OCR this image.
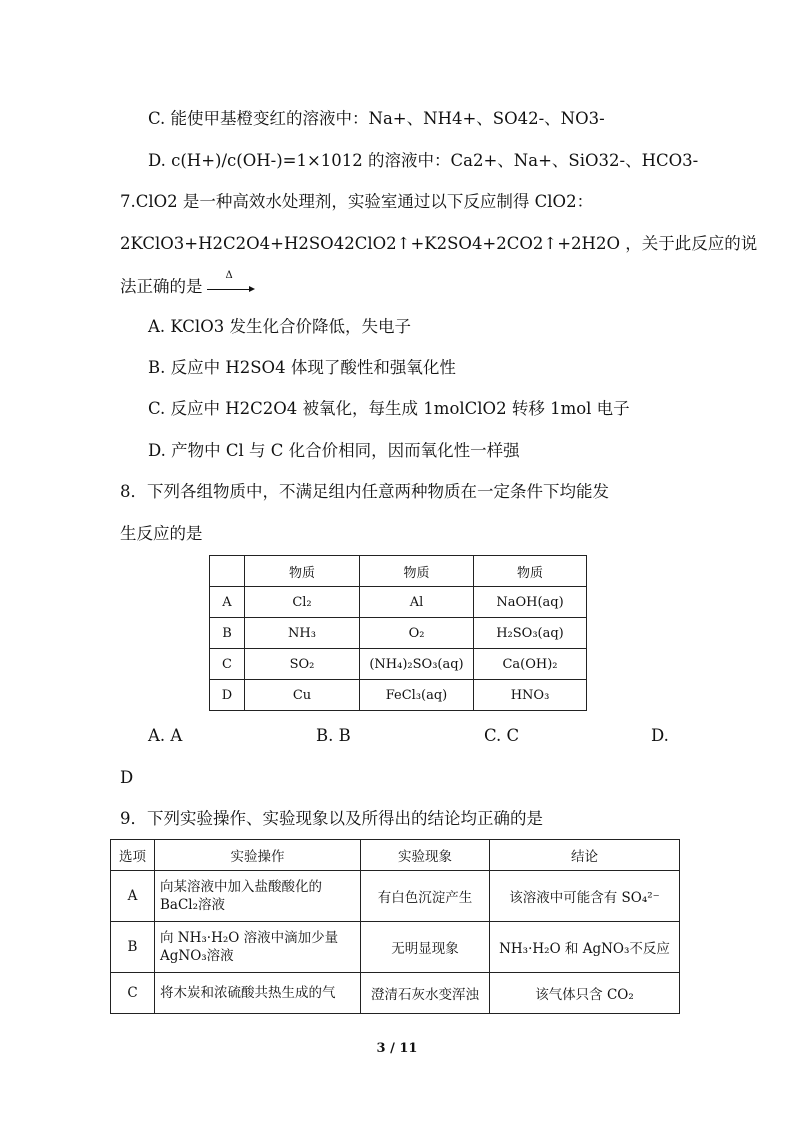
C. 能使甲基橙变红的溶液中：Na+、NH4+、SO42-、NO3-
D. c(H+)/c(OH-)=1×1012 的溶液中：Ca2+、Na+、SiO32-、HCO3-
7.ClO2 是一种高效水处理剂，实验室通过以下反应制得 ClO2：
2KClO3+H2C2O4+H2SO42ClO2↑+K2SO4+2CO2↑+2H2O ，关于此反应的说
法正确的是
Δ
A. KClO3 发生化合价降低，失电子
B. 反应中 H2SO4 体现了酸性和强氧化性
C. 反应中 H2C2O4 被氧化，每生成 1molClO2 转移 1mol 电子
D. 产物中 Cl 与 C 化合价相同，因而氧化性一样强
8．下列各组物质中，不满足组内任意两种物质在一定条件下均能发
生反应的是
	物质	物质	物质
A	Cl₂	Al	NaOH(aq)
B	NH₃	O₂	H₂SO₃(aq)
C	SO₂	(NH₄)₂SO₃(aq)	Ca(OH)₂
D	Cu	FeCl₃(aq)	HNO₃
A. A	B. B	C. C	D.
D
9．下列实验操作、实验现象以及所得出的结论均正确的是
选项	实验操作	实验现象	结论
A	向某溶液中加入盐酸酸化的
BaCl₂溶液	有白色沉淀产生	该溶液中可能含有 SO₄²⁻
B	向 NH₃·H₂O 溶液中滴加少量
AgNO₃溶液	无明显现象	NH₃·H₂O 和 AgNO₃不反应
C	将木炭和浓硫酸共热生成的气	澄清石灰水变浑浊	该气体只含 CO₂
3 / 11
